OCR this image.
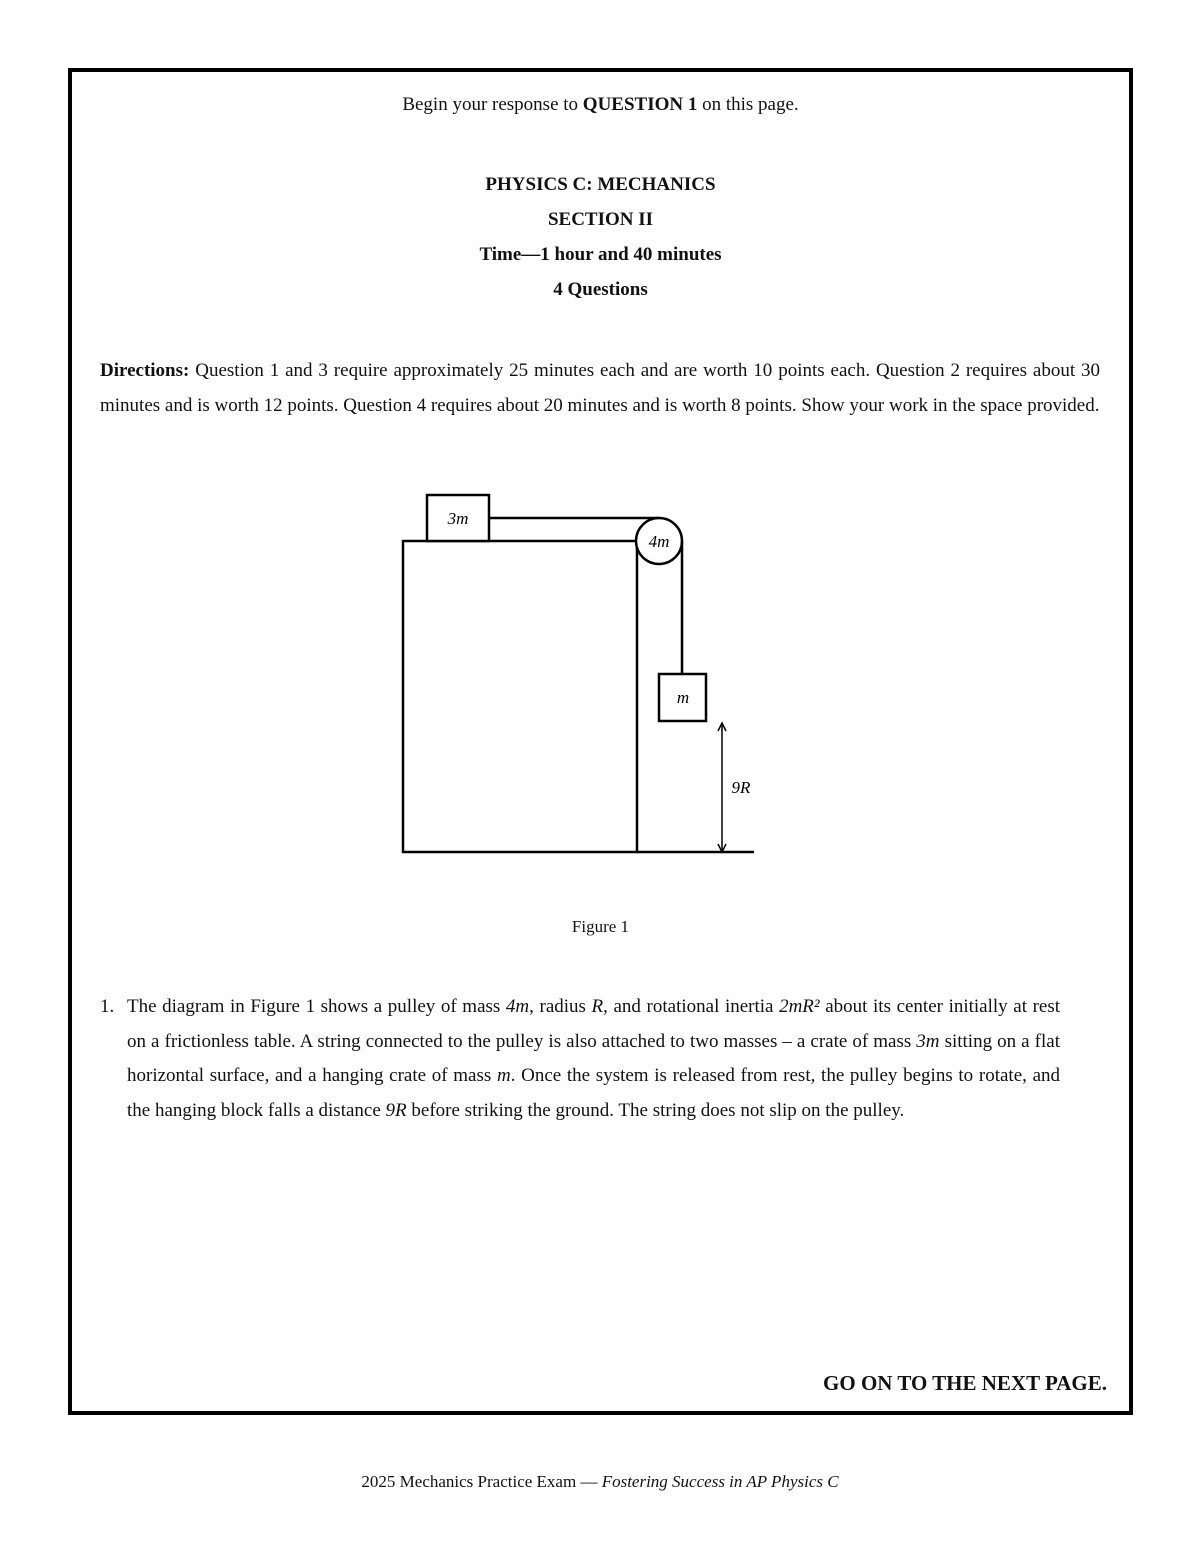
Begin your response to QUESTION 1 on this page.
PHYSICS C: MECHANICS
SECTION II
Time—1 hour and 40 minutes
4 Questions
Directions: Question 1 and 3 require approximately 25 minutes each and are worth 10 points each. Question 2 requires about 30 minutes and is worth 12 points. Question 4 requires about 20 minutes and is worth 8 points. Show your work in the space provided.
3m
4m
m
9R
Figure 1
1. The diagram in Figure 1 shows a pulley of mass 4m, radius R, and rotational inertia 2mR² about its center initially at rest on a frictionless table. A string connected to the pulley is also attached to two masses – a crate of mass 3m sitting on a flat horizontal surface, and a hanging crate of mass m. Once the system is released from rest, the pulley begins to rotate, and the hanging block falls a distance 9R before striking the ground. The string does not slip on the pulley.
GO ON TO THE NEXT PAGE.
2025 Mechanics Practice Exam — Fostering Success in AP Physics C
